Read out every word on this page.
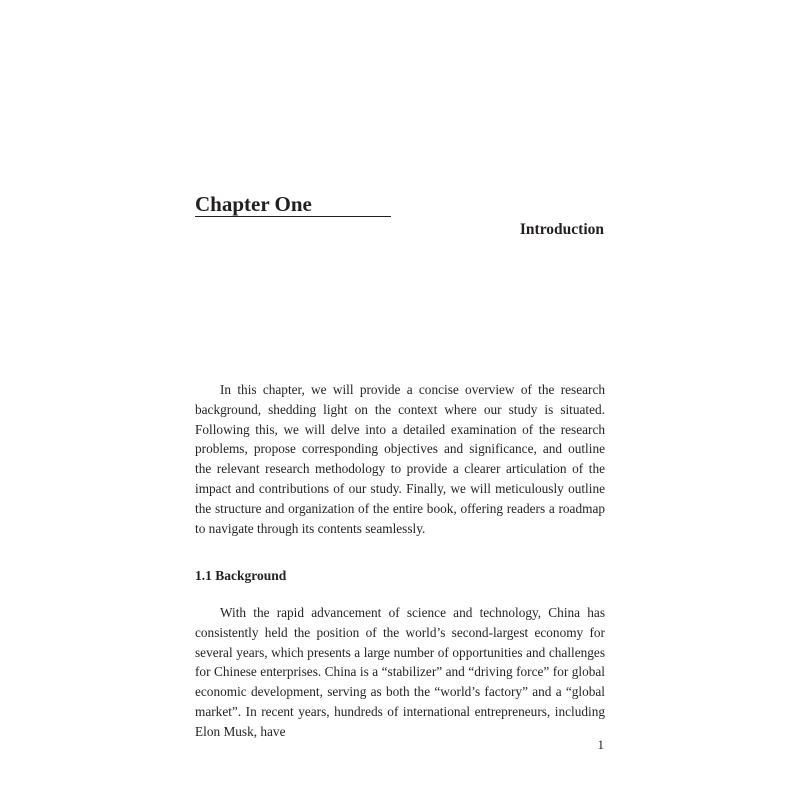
Chapter One
Introduction

In this chapter, we will provide a concise overview of the research background, shedding light on the context where our study is situated. Following this, we will delve into a detailed examination of the research problems, propose corresponding objectives and significance, and outline the relevant research methodology to provide a clearer articulation of the impact and contributions of our study. Finally, we will meticulously outline the structure and organization of the entire book, offering readers a roadmap to navigate through its contents seamlessly.

1.1 Background

With the rapid advancement of science and technology, China has consistently held the position of the world’s second-largest economy for several years, which presents a large number of opportunities and challenges for Chinese enterprises. China is a “stabilizer” and “driving force” for global economic development, serving as both the “world’s factory” and a “global market”. In recent years, hundreds of international entrepreneurs, including Elon Musk, have

1
